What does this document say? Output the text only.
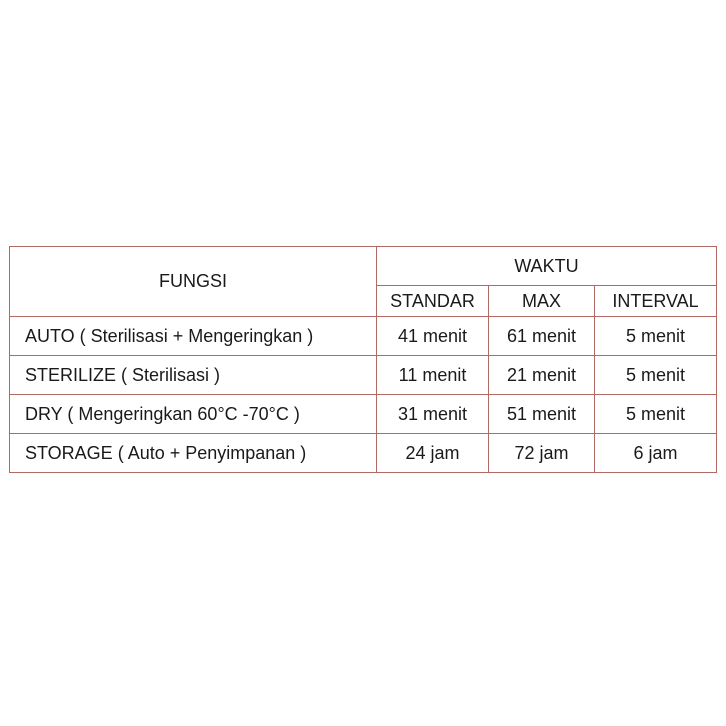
FUNGSI	WAKTU		
	STANDAR	MAX	INTERVAL
AUTO ( Sterilisasi + Mengeringkan )	41 menit	61 menit	5 menit
STERILIZE ( Sterilisasi )	11 menit	21 menit	5 menit
DRY ( Mengeringkan 60°C -70°C )	31 menit	51 menit	5 menit
STORAGE ( Auto + Penyimpanan )	24 jam	72 jam	6 jam
